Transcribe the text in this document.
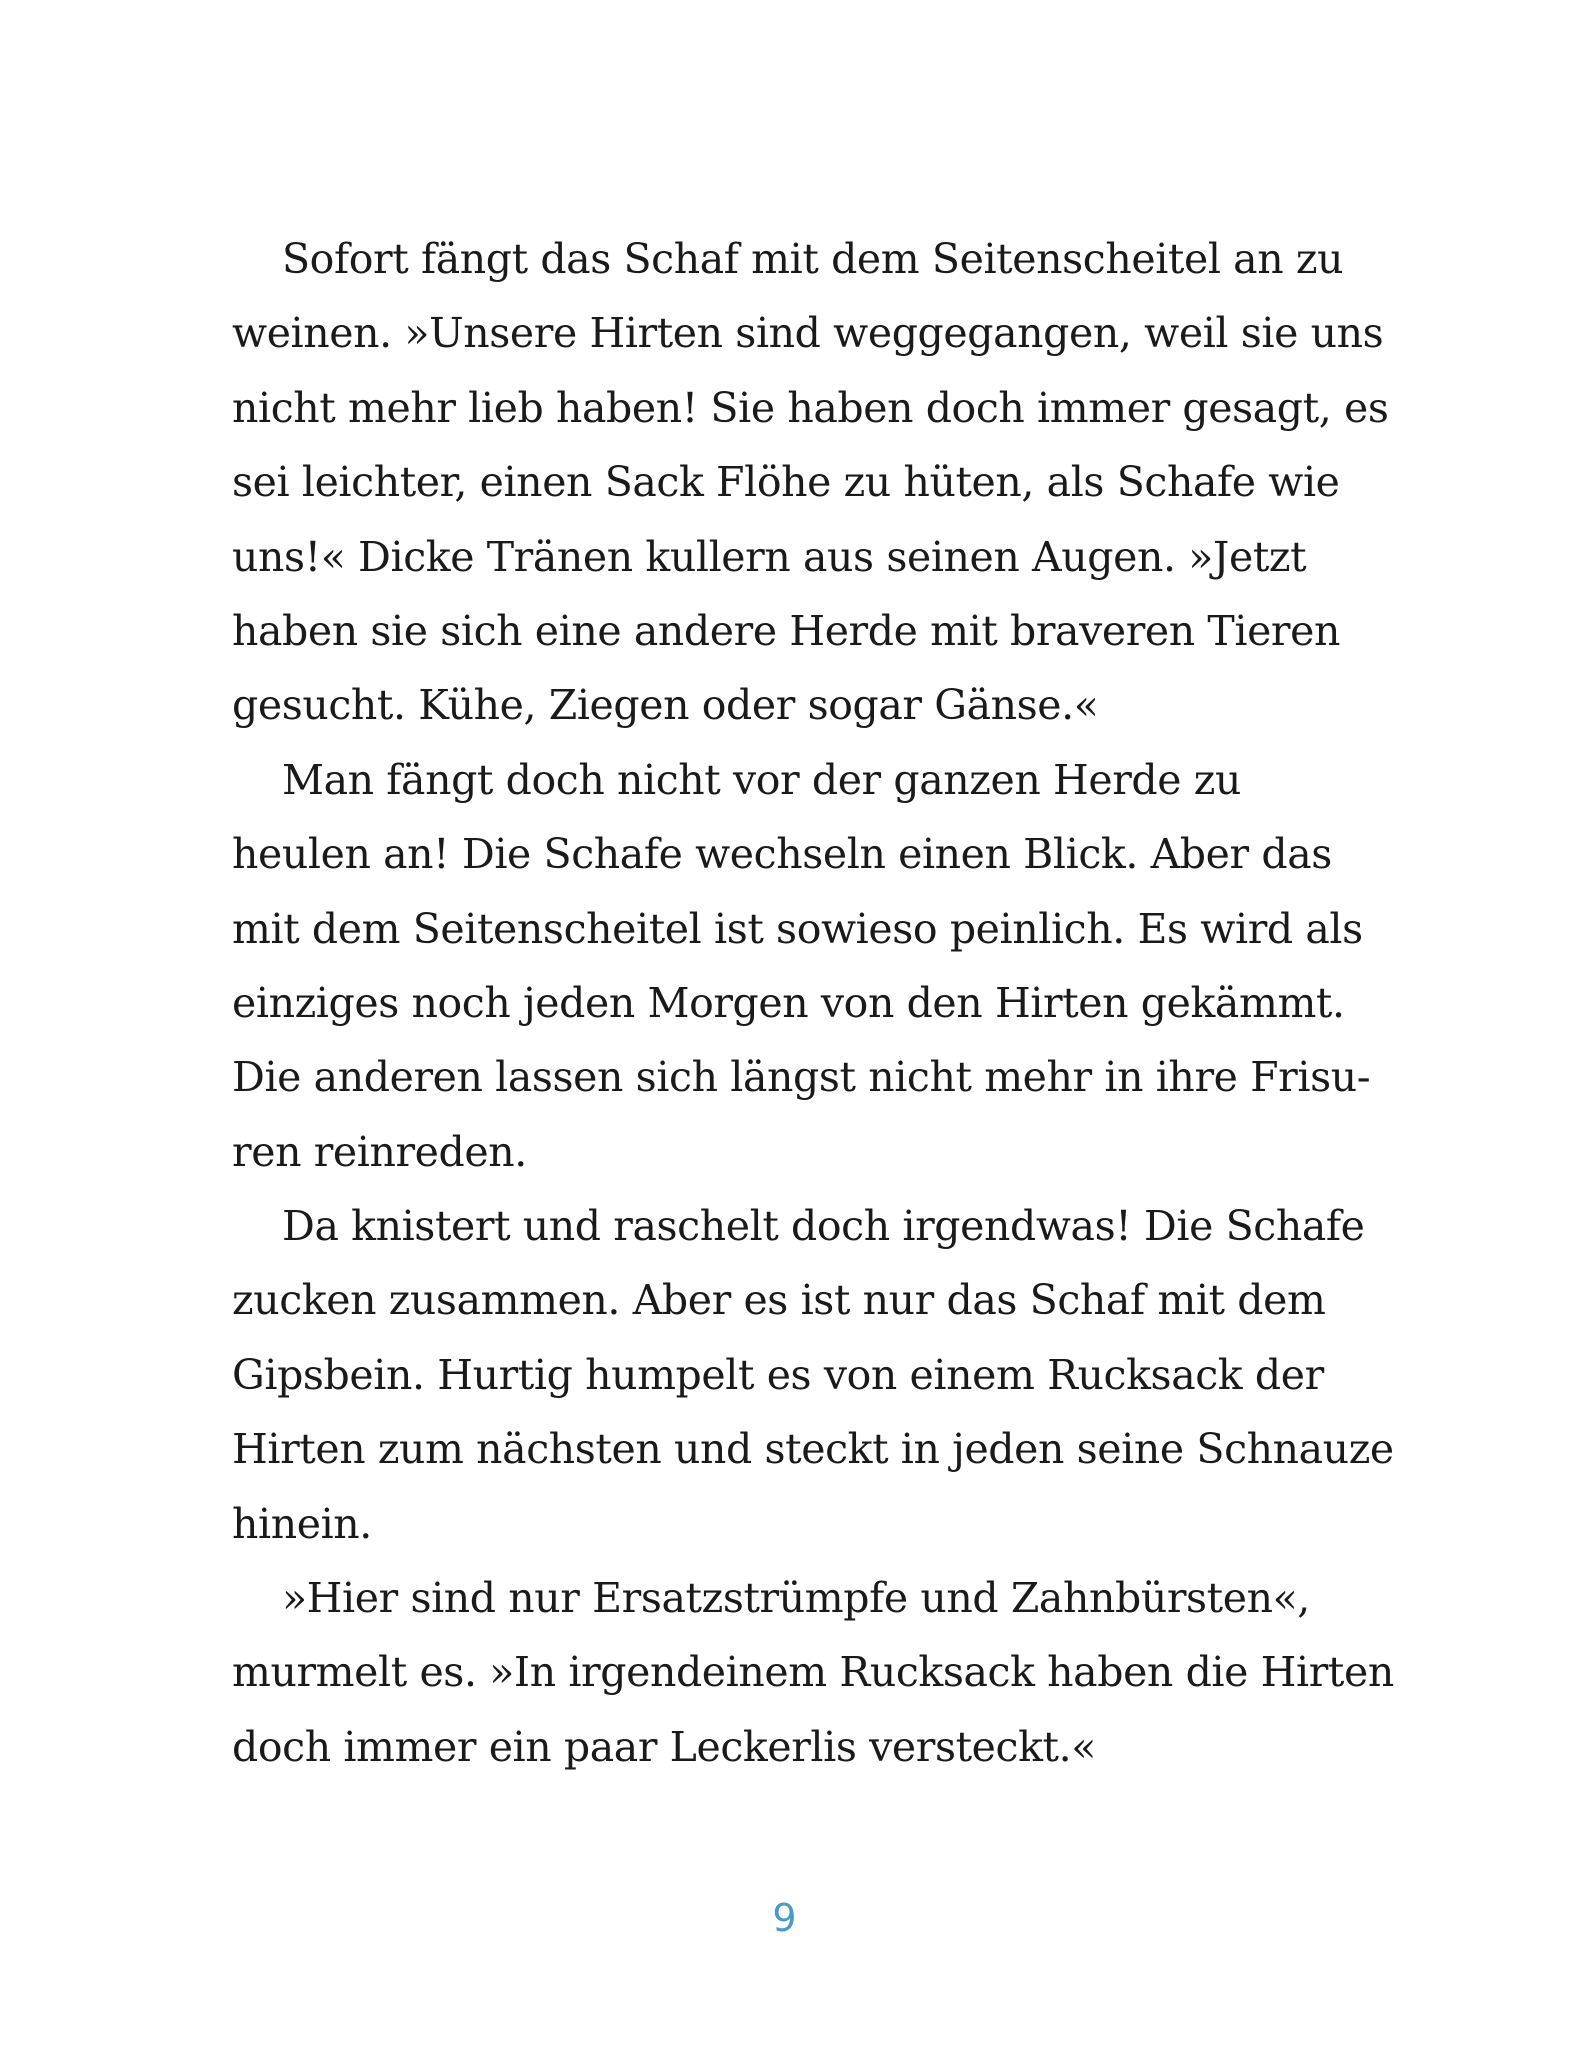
Sofort fängt das Schaf mit dem Seitenscheitel an zu
weinen. »Unsere Hirten sind weggegangen, weil sie uns
nicht mehr lieb haben! Sie haben doch immer gesagt, es
sei leichter, einen Sack Flöhe zu hüten, als Schafe wie
uns!« Dicke Tränen kullern aus seinen Augen. »Jetzt
haben sie sich eine andere Herde mit braveren Tieren
gesucht. Kühe, Ziegen oder sogar Gänse.«
Man fängt doch nicht vor der ganzen Herde zu
heulen an! Die Schafe wechseln einen Blick. Aber das
mit dem Seitenscheitel ist sowieso peinlich. Es wird als
einziges noch jeden Morgen von den Hirten gekämmt.
Die anderen lassen sich längst nicht mehr in ihre Frisu-
ren reinreden.
Da knistert und raschelt doch irgendwas! Die Schafe
zucken zusammen. Aber es ist nur das Schaf mit dem
Gipsbein. Hurtig humpelt es von einem Rucksack der
Hirten zum nächsten und steckt in jeden seine Schnauze
hinein.
»Hier sind nur Ersatzstrümpfe und Zahnbürsten«,
murmelt es. »In irgendeinem Rucksack haben die Hirten
doch immer ein paar Leckerlis versteckt.«
9
